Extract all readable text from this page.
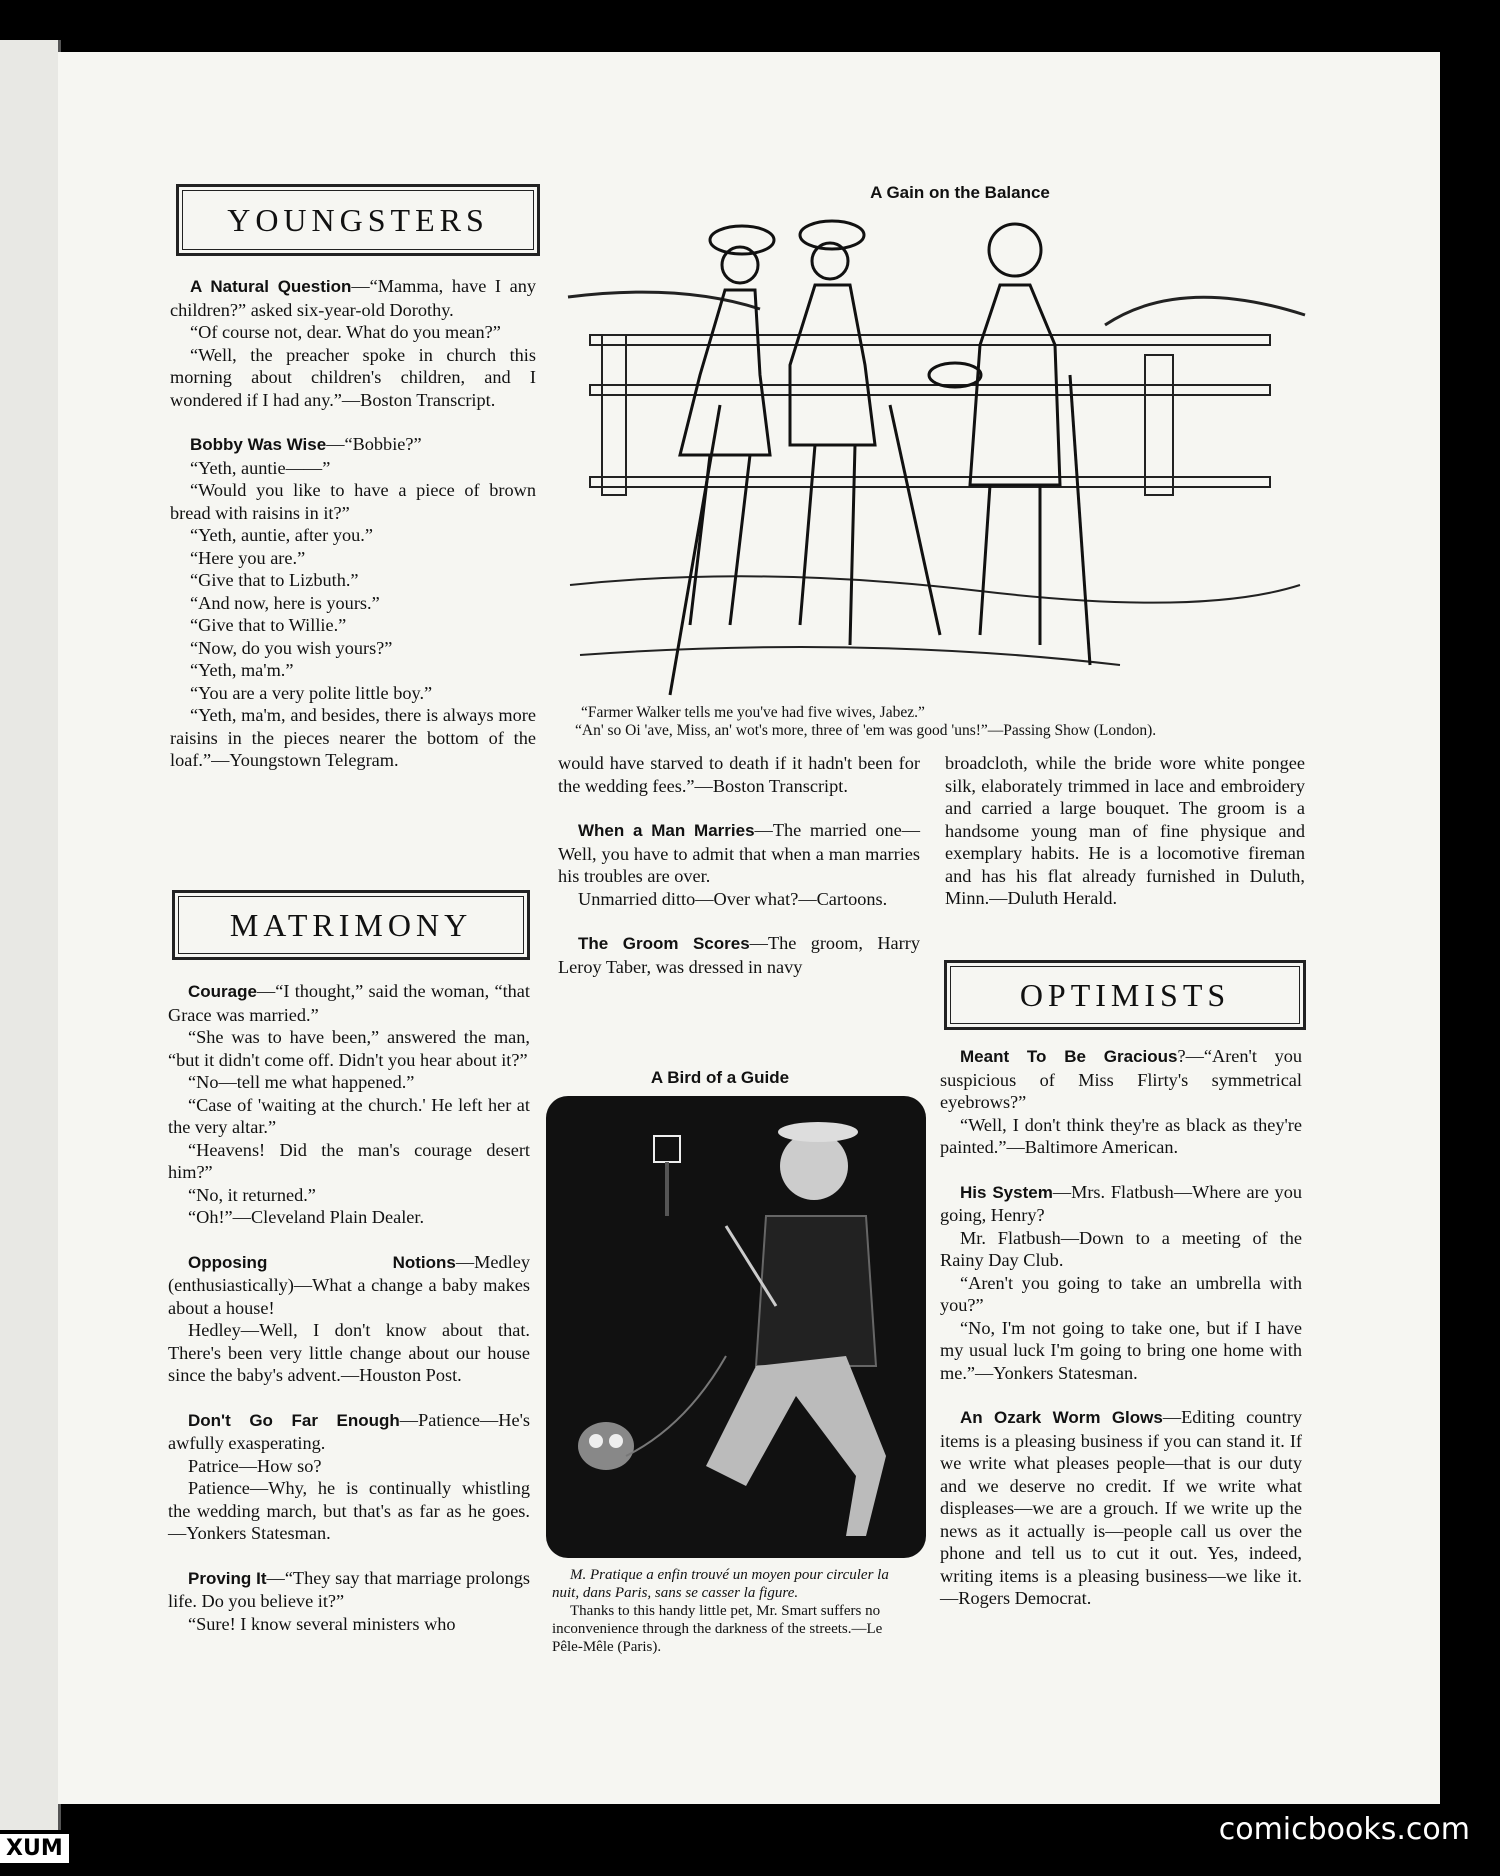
YOUNGSTERS
MATRIMONY
OPTIMISTS

A Natural Question—“Mamma, have I any children?” asked six-year-old Dorothy.

“Of course not, dear. What do you mean?”

“Well, the preacher spoke in church this morning about children's children, and I wondered if I had any.”—Boston Transcript.

Bobby Was Wise—“Bobbie?”

“Yeth, auntie——”

“Would you like to have a piece of brown bread with raisins in it?”

“Yeth, auntie, after you.”

“Here you are.”

“Give that to Lizbuth.”

“And now, here is yours.”

“Give that to Willie.”

“Now, do you wish yours?”

“Yeth, ma'm.”

“You are a very polite little boy.”

“Yeth, ma'm, and besides, there is always more raisins in the pieces nearer the bottom of the loaf.”—Youngstown Telegram.

Courage—“I thought,” said the woman, “that Grace was married.”

“She was to have been,” answered the man, “but it didn't come off. Didn't you hear about it?”

“No—tell me what happened.”

“Case of 'waiting at the church.' He left her at the very altar.”

“Heavens! Did the man's courage desert him?”

“No, it returned.”

“Oh!”—Cleveland Plain Dealer.

Opposing Notions—Medley (enthusiastically)—What a change a baby makes about a house!

Hedley—Well, I don't know about that. There's been very little change about our house since the baby's advent.—Houston Post.

Don't Go Far Enough—Patience—He's awfully exasperating.

Patrice—How so?

Patience—Why, he is continually whistling the wedding march, but that's as far as he goes.—Yonkers Statesman.

Proving It—“They say that marriage prolongs life. Do you believe it?”

“Sure! I know several ministers who

A Gain on the Balance
“Farmer Walker tells me you've had five wives, Jabez.”
“An' so Oi 'ave, Miss, an' wot's more, three of 'em was good 'uns!”—Passing Show (London).

would have starved to death if it hadn't been for the wedding fees.”—Boston Transcript.

When a Man Marries—The married one—Well, you have to admit that when a man marries his troubles are over.

Unmarried ditto—Over what?—Cartoons.

The Groom Scores—The groom, Harry Leroy Taber, was dressed in navy

A Bird of a Guide

M. Pratique a enfin trouvé un moyen pour circuler la nuit, dans Paris, sans se casser la figure.

Thanks to this handy little pet, Mr. Smart suffers no inconvenience through the darkness of the streets.—Le Pêle-Mêle (Paris).

broadcloth, while the bride wore white pongee silk, elaborately trimmed in lace and embroidery and carried a large bouquet. The groom is a handsome young man of fine physique and exemplary habits. He is a locomotive fireman and has his flat already furnished in Duluth, Minn.—Duluth Herald.

Meant To Be Gracious?—“Aren't you suspicious of Miss Flirty's symmetrical eyebrows?”

“Well, I don't think they're as black as they're painted.”—Baltimore American.

His System—Mrs. Flatbush—Where are you going, Henry?

Mr. Flatbush—Down to a meeting of the Rainy Day Club.

“Aren't you going to take an umbrella with you?”

“No, I'm not going to take one, but if I have my usual luck I'm going to bring one home with me.”—Yonkers Statesman.

An Ozark Worm Glows—Editing country items is a pleasing business if you can stand it. If we write what pleases people—that is our duty and we deserve no credit. If we write what displeases—we are a grouch. If we write up the news as it actually is—people call us over the phone and tell us to cut it out. Yes, indeed, writing items is a pleasing business—we like it.—Rogers Democrat.

comicbooks.com
XUM
